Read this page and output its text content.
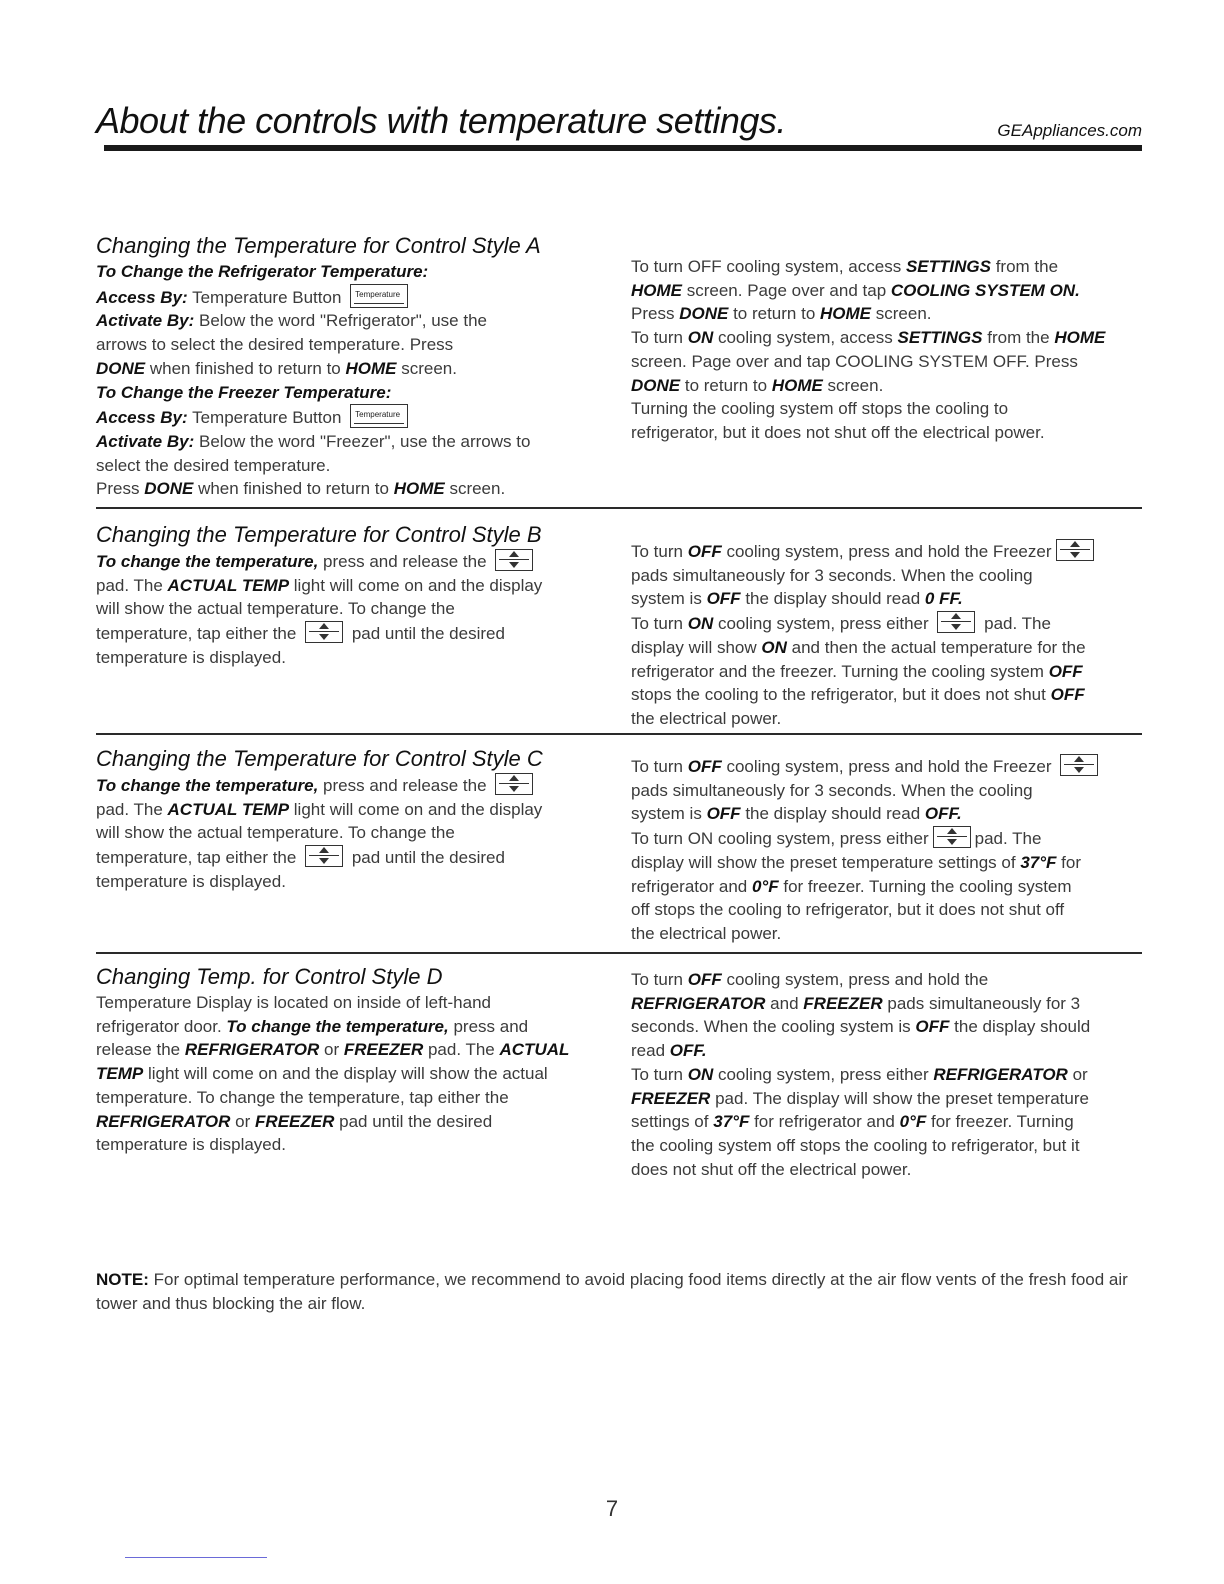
About the controls with temperature settings.	GEAppliances.com
Changing the Temperature for Control Style A
To Change the Refrigerator Temperature:
Access By: Temperature Button Temperature
Activate By: Below the word "Refrigerator", use the
arrows to select the desired temperature. Press
DONE when finished to return to HOME screen.
To Change the Freezer Temperature:
Access By: Temperature Button Temperature
Activate By: Below the word "Freezer", use the arrows to
select the desired temperature.
Press DONE when finished to return to HOME screen.
To turn OFF cooling system, access SETTINGS from the
HOME screen. Page over and tap COOLING SYSTEM ON.
Press DONE to return to HOME screen.
To turn ON cooling system, access SETTINGS from the HOME
screen. Page over and tap COOLING SYSTEM OFF. Press
DONE to return to HOME screen.
Turning the cooling system off stops the cooling to
refrigerator, but it does not shut off the electrical power.
Changing the Temperature for Control Style B
To change the temperature, press and release the
pad. The ACTUAL TEMP light will come on and the display
will show the actual temperature. To change the
temperature, tap either the	pad until the desired
temperature is displayed.
To turn OFF cooling system, press and hold the Freezer
pads simultaneously for 3 seconds. When the cooling
system is OFF the display should read 0 FF.
To turn ON cooling system, press either	pad. The
display will show ON and then the actual temperature for the
refrigerator and the freezer. Turning the cooling system OFF
stops the cooling to the refrigerator, but it does not shut OFF
the electrical power.
Changing the Temperature for Control Style C
To change the temperature, press and release the
pad. The ACTUAL TEMP light will come on and the display
will show the actual temperature. To change the
temperature, tap either the	pad until the desired
temperature is displayed.
To turn OFF cooling system, press and hold the Freezer
pads simultaneously for 3 seconds. When the cooling
system is OFF the display should read OFF.
To turn ON cooling system, press either	pad. The
display will show the preset temperature settings of 37°F for
refrigerator and 0°F for freezer. Turning the cooling system
off stops the cooling to refrigerator, but it does not shut off
the electrical power.
Changing Temp. for Control Style D
Temperature Display is located on inside of left-hand
refrigerator door. To change the temperature, press and
release the REFRIGERATOR or FREEZER pad. The ACTUAL
TEMP light will come on and the display will show the actual
temperature. To change the temperature, tap either the
REFRIGERATOR or FREEZER pad until the desired
temperature is displayed.
To turn OFF cooling system, press and hold the
REFRIGERATOR and FREEZER pads simultaneously for 3
seconds. When the cooling system is OFF the display should
read OFF.
To turn ON cooling system, press either REFRIGERATOR or
FREEZER pad. The display will show the preset temperature
settings of 37°F for refrigerator and 0°F for freezer. Turning
the cooling system off stops the cooling to refrigerator, but it
does not shut off the electrical power.
NOTE: For optimal temperature performance, we recommend to avoid placing food items directly at the air flow vents of the fresh food air tower and thus blocking the air flow.
7
